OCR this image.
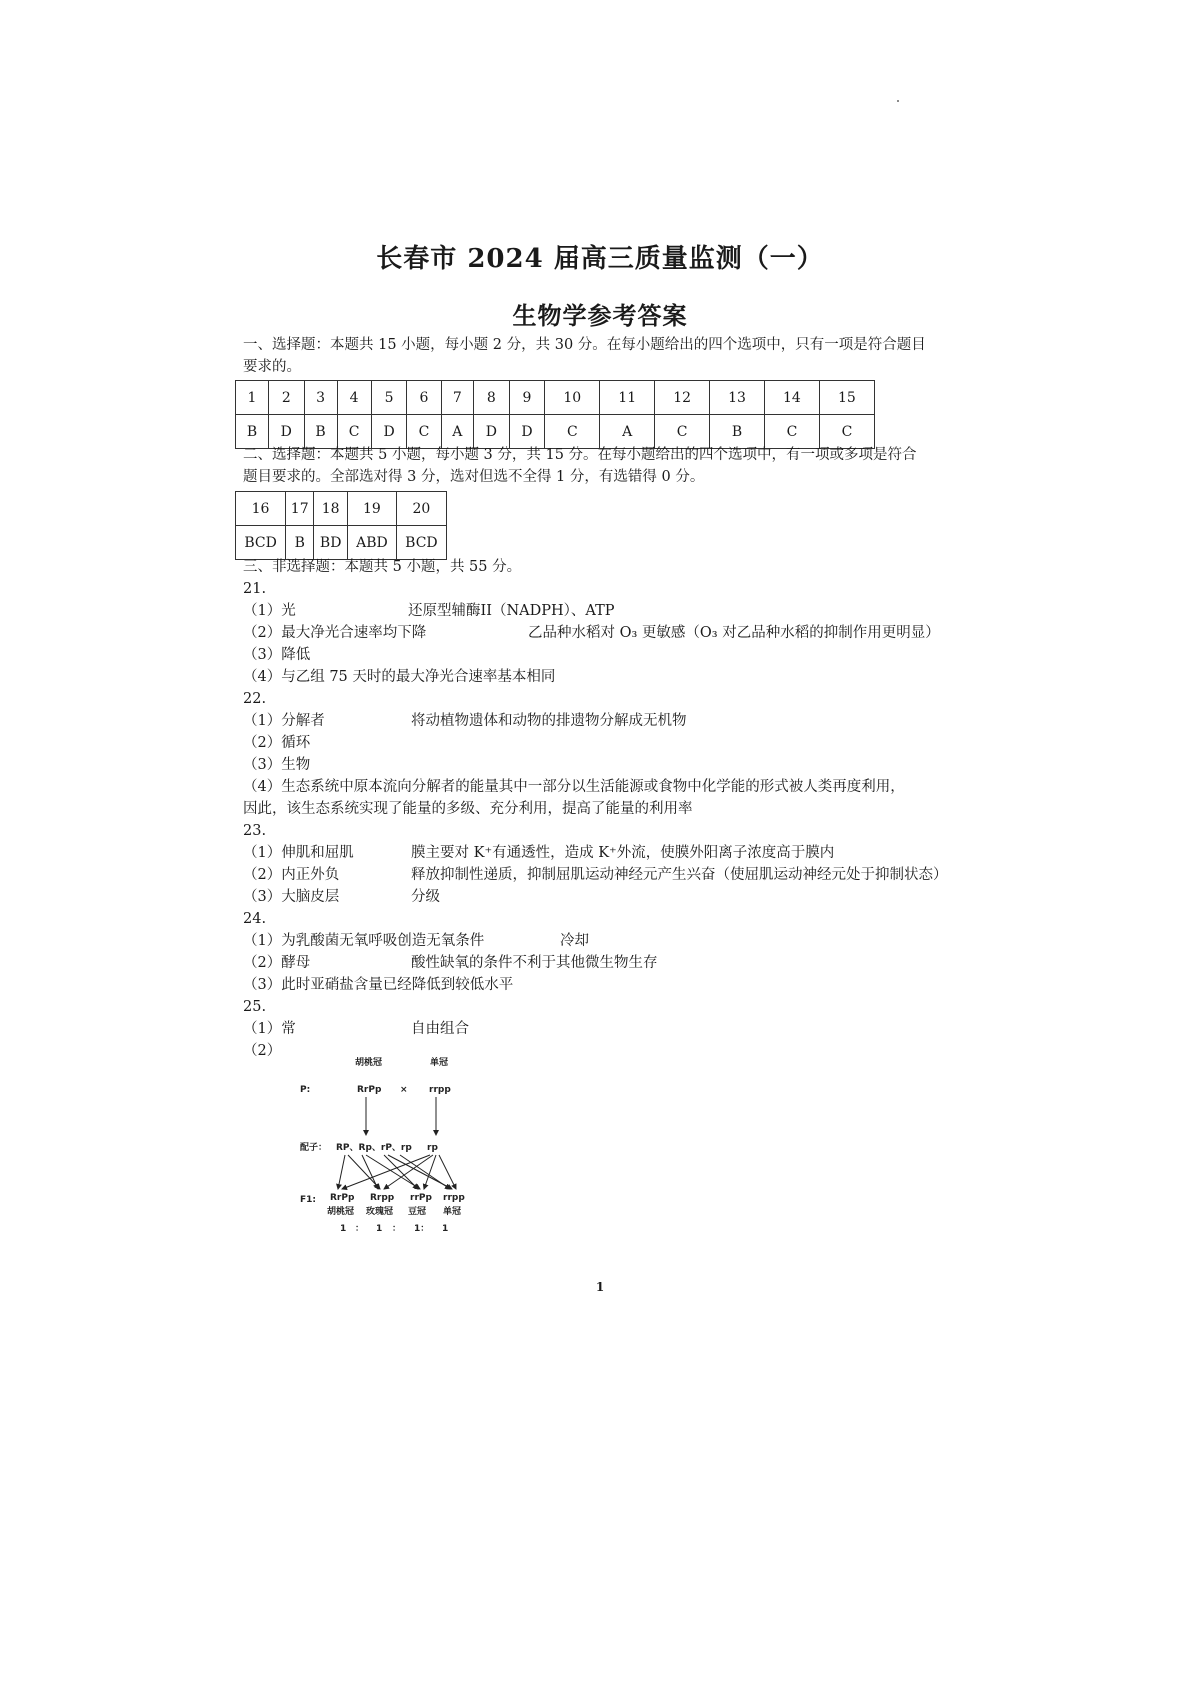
长春市 2024 届高三质量监测（一）
生物学参考答案
一、选择题：本题共 15 小题，每小题 2 分，共 30 分。在每小题给出的四个选项中，只有一项是符合题目
要求的。
1	2	3	4	5	6	7	8	9	10	11	12	13	14	15
B	D	B	C	D	C	A	D	D	C	A	C	B	C	C
二、选择题：本题共 5 小题，每小题 3 分，共 15 分。在每小题给出的四个选项中，有一项或多项是符合
题目要求的。全部选对得 3 分，选对但选不全得 1 分，有选错得 0 分。
16	17	18	19	20
BCD	B	BD	ABD	BCD
三、非选择题：本题共 5 小题，共 55 分。
21.
（1）光	还原型辅酶II（NADPH）、ATP
（2）最大净光合速率均下降	乙品种水稻对 O₃ 更敏感（O₃ 对乙品种水稻的抑制作用更明显）
（3）降低
（4）与乙组 75 天时的最大净光合速率基本相同
22.
（1）分解者	将动植物遗体和动物的排遗物分解成无机物
（2）循环
（3）生物
（4）生态系统中原本流向分解者的能量其中一部分以生活能源或食物中化学能的形式被人类再度利用，
因此，该生态系统实现了能量的多级、充分利用，提高了能量的利用率
23.
（1）伸肌和屈肌	膜主要对 K⁺有通透性，造成 K⁺外流，使膜外阳离子浓度高于膜内
（2）内正外负	释放抑制性递质，抑制屈肌运动神经元产生兴奋（使屈肌运动神经元处于抑制状态）
（3）大脑皮层	分级
24.
（1）为乳酸菌无氧呼吸创造无氧条件	冷却
（2）酵母	酸性缺氧的条件不利于其他微生物生存
（3）此时亚硝盐含量已经降低到较低水平
25.
（1）常	自由组合
（2）
胡桃冠	单冠
P:	RrPp × rrpp
配子： RP、Rp、rP、rp rp
F1: RrPp Rrpp rrPp rrpp
胡桃冠 玫瑰冠 豆冠 单冠
1 ： 1 ： 1： 1
1
